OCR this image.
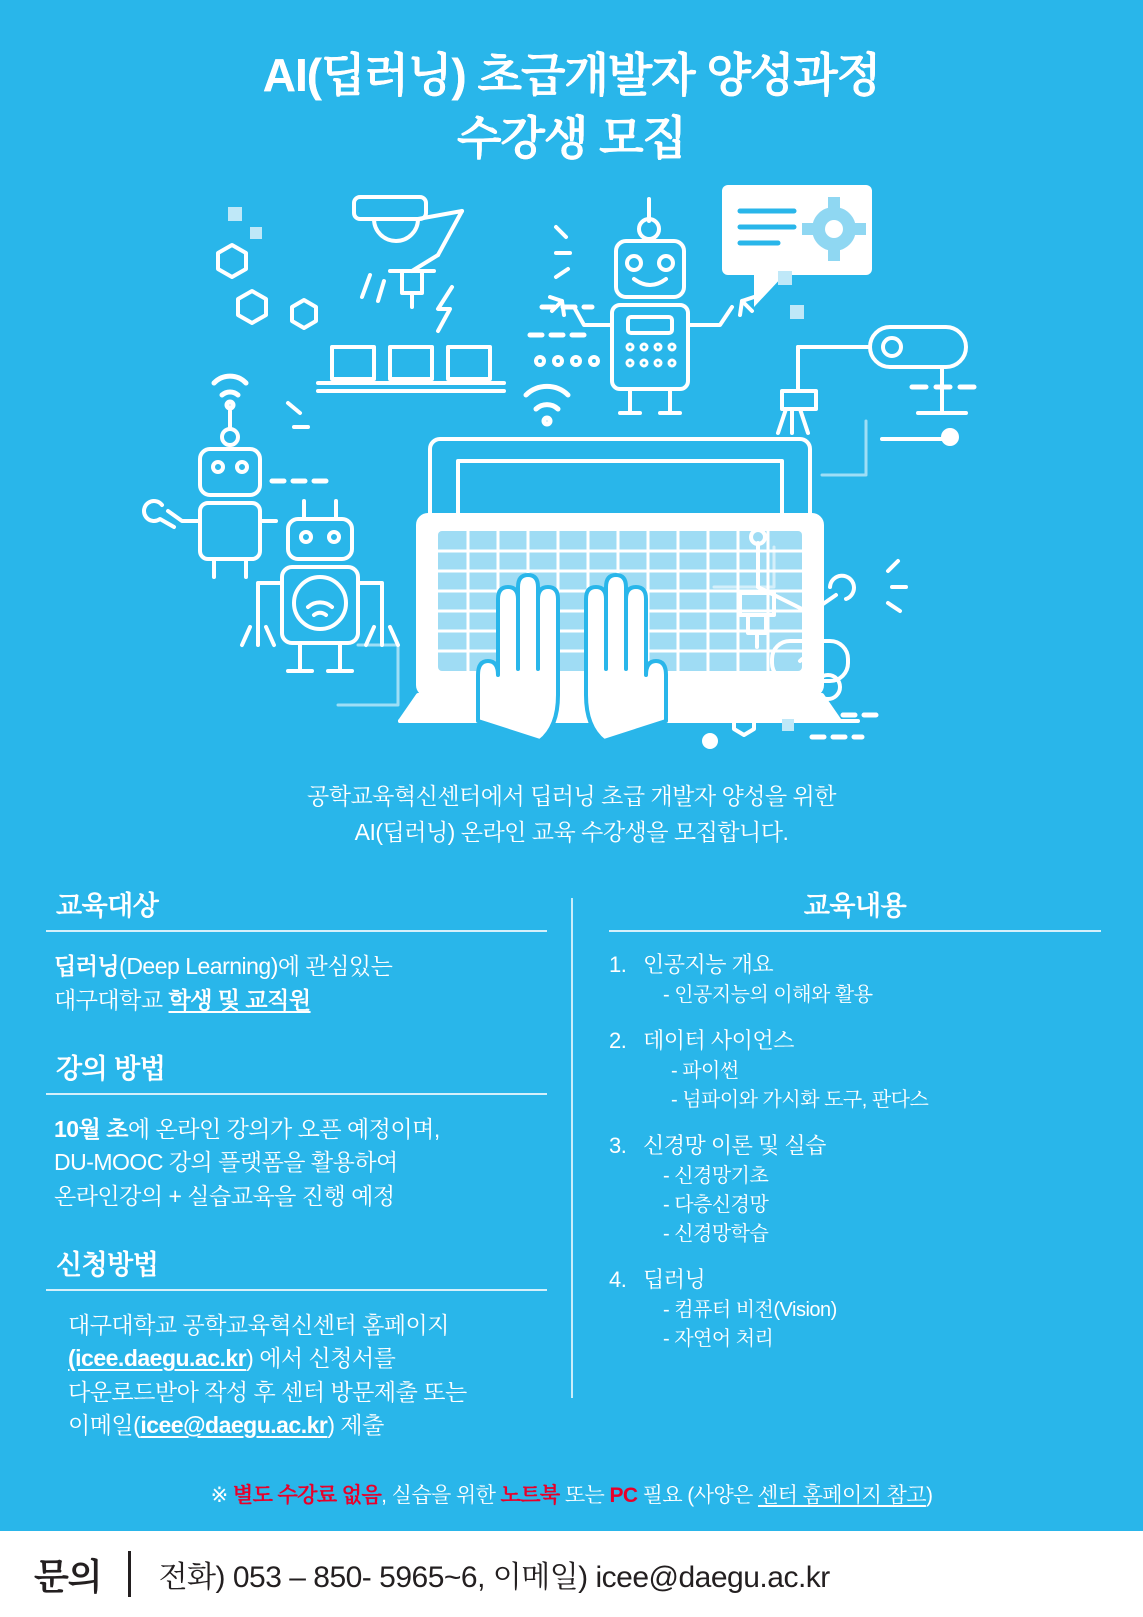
AI(딥러닝) 초급개발자 양성과정
수강생 모집
공학교육혁신센터에서 딥러닝 초급 개발자 양성을 위한
AI(딥러닝) 온라인 교육 수강생을 모집합니다.
교육대상
딥러닝(Deep Learning)에 관심있는
대구대학교 학생 및 교직원
강의 방법
10월 초에 온라인 강의가 오픈 예정이며,
DU-MOOC 강의 플랫폼을 활용하여
온라인강의 + 실습교육을 진행 예정
신청방법
대구대학교 공학교육혁신센터 홈페이지
(icee.daegu.ac.kr) 에서 신청서를
다운로드받아 작성 후 센터 방문제출 또는
이메일(icee@daegu.ac.kr) 제출
교육내용
1. 인공지능 개요
- 인공지능의 이해와 활용
2. 데이터 사이언스
- 파이썬
- 넘파이와 가시화 도구, 판다스
3. 신경망 이론 및 실습
- 신경망기초
- 다층신경망
- 신경망학습
4. 딥러닝
- 컴퓨터 비전(Vision)
- 자연어 처리
※ 별도 수강료 없음, 실습을 위한 노트북 또는 PC 필요 (사양은 센터 홈페이지 참고)
문의 전화) 053 – 850- 5965~6, 이메일) icee@daegu.ac.kr
